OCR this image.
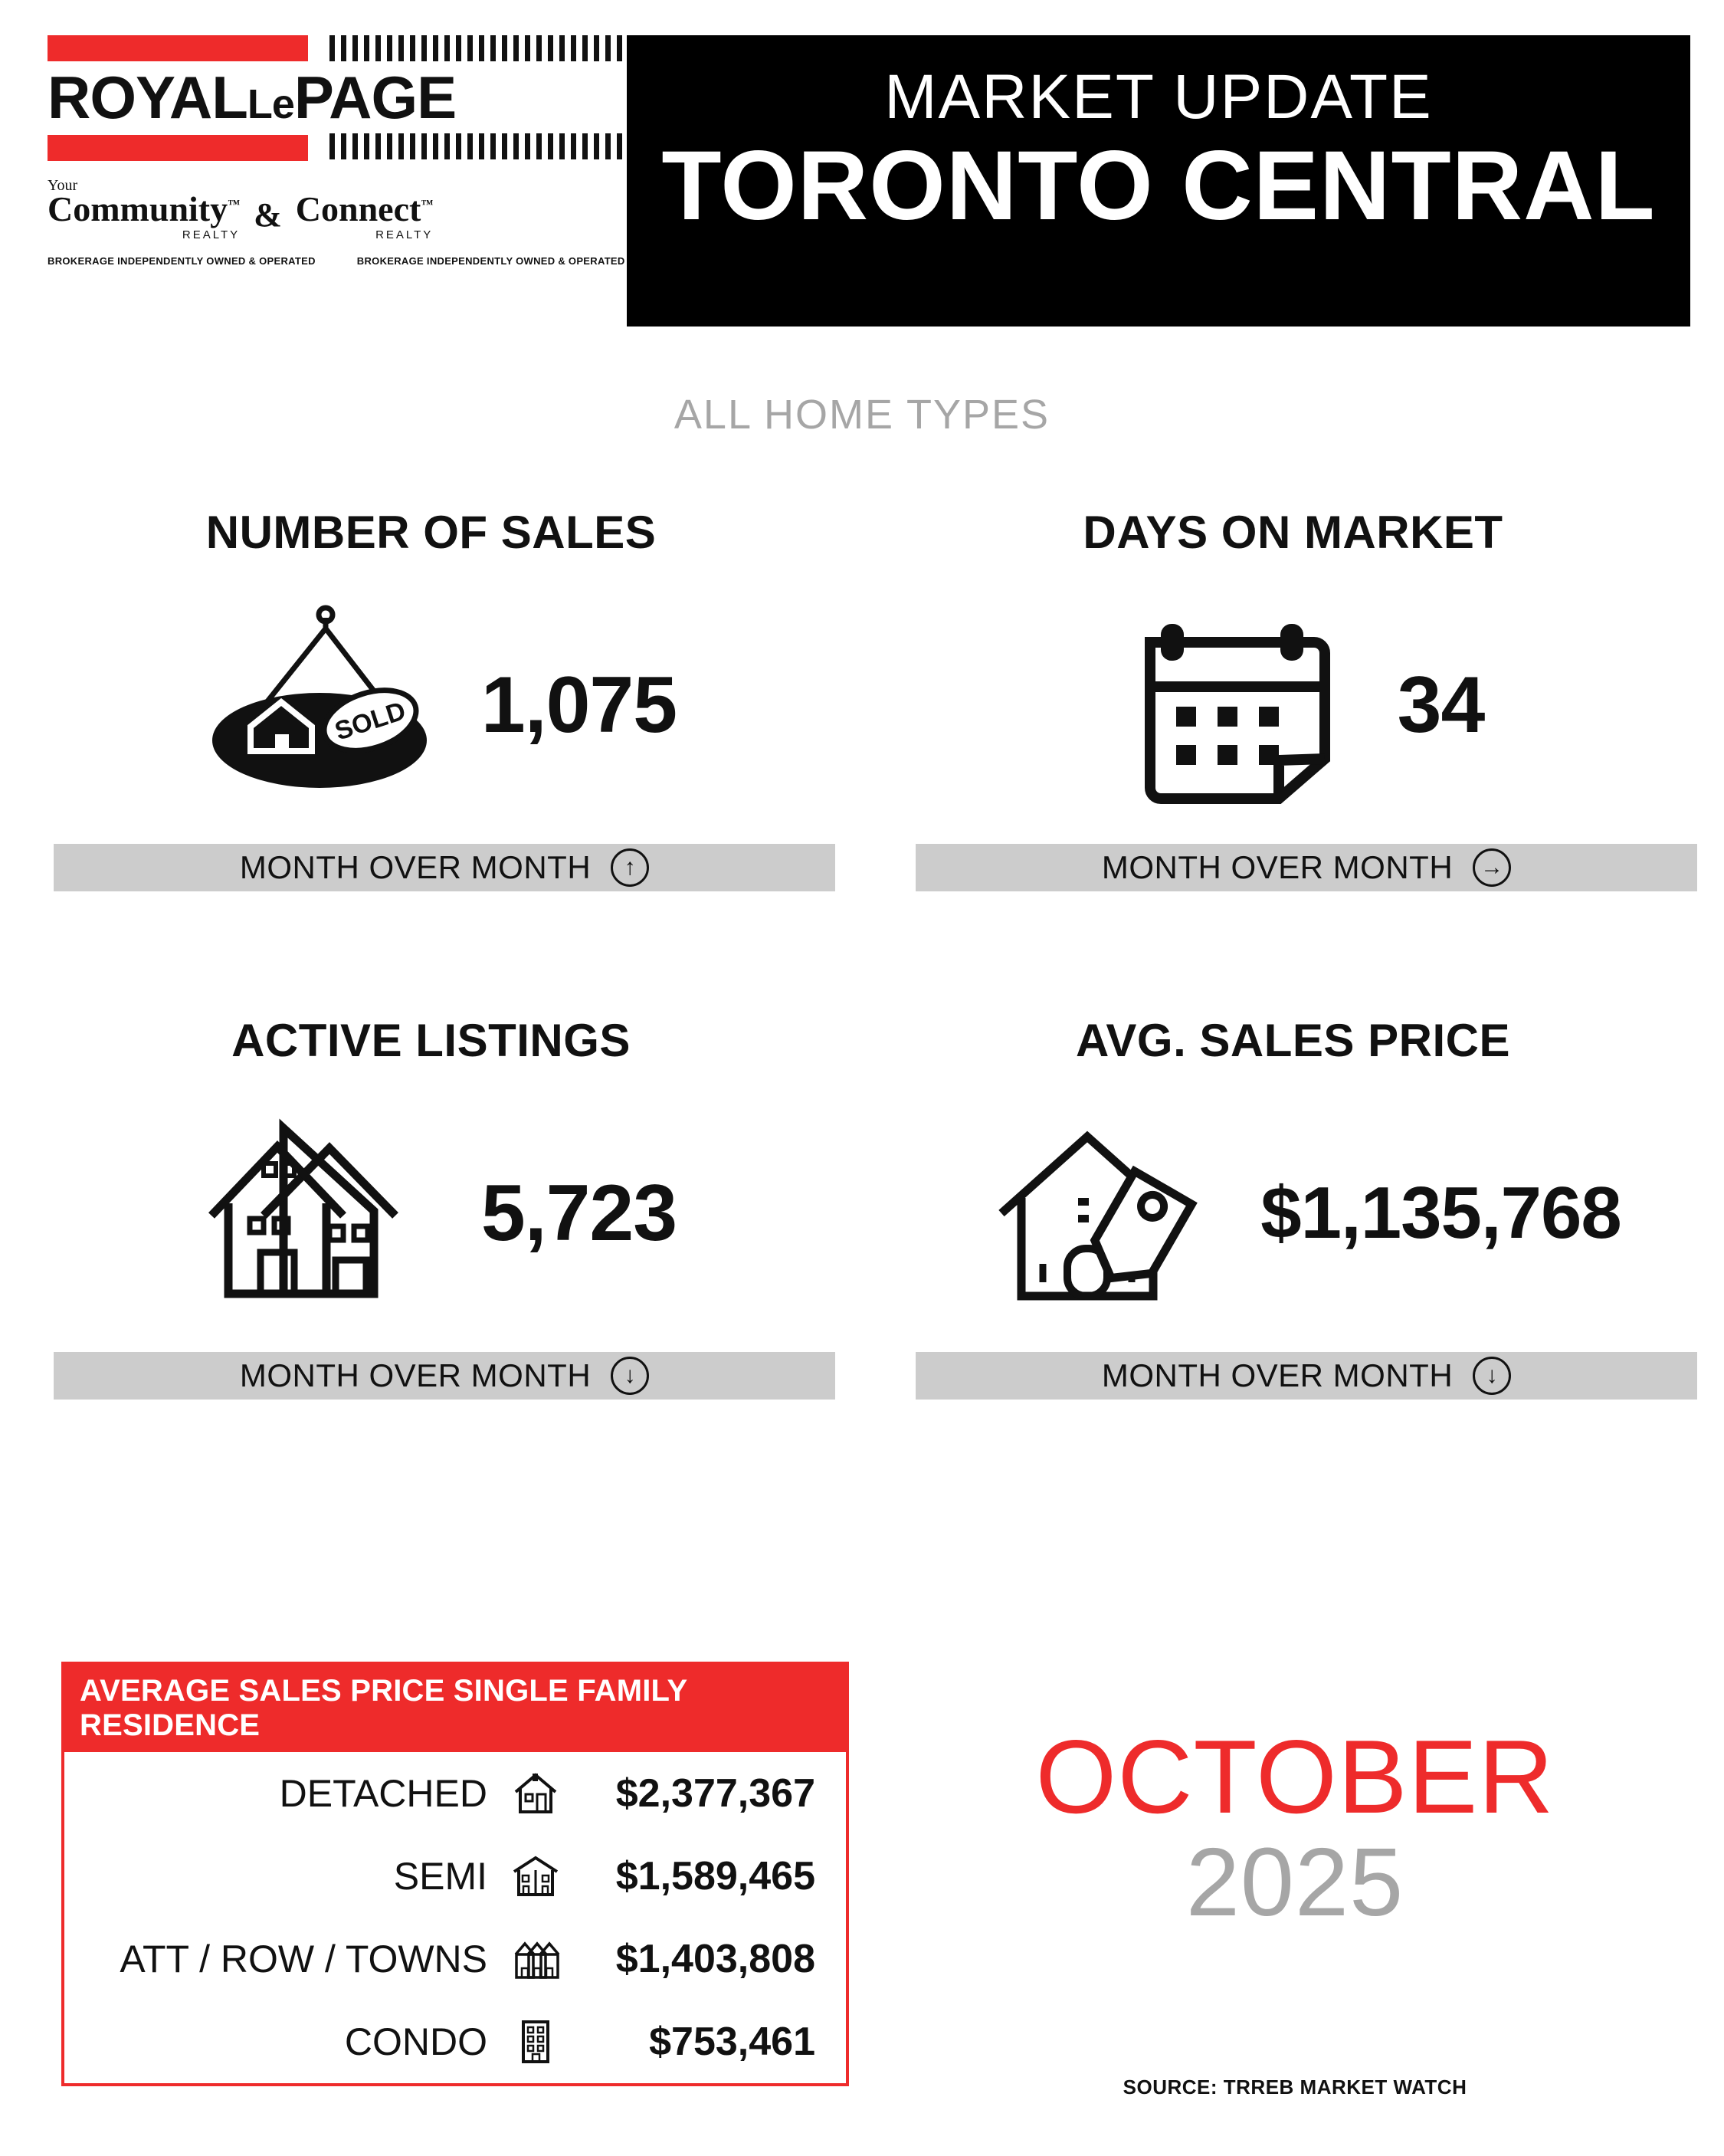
ROYALLePAGE
Your
Community™
REALTY
& Connect™
REALTY
BROKERAGE INDEPENDENTLY OWNED & OPERATED	BROKERAGE INDEPENDENTLY OWNED & OPERATED
MARKET UPDATE
TORONTO CENTRAL
ALL HOME TYPES
NUMBER OF SALES
SOLD 1,075
MONTH OVER MONTH	↑
DAYS ON MARKET
34
MONTH OVER MONTH	→
ACTIVE LISTINGS
5,723
MONTH OVER MONTH	↓
AVG. SALES PRICE
$1,135,768
MONTH OVER MONTH	↓
AVERAGE SALES PRICE SINGLE FAMILY RESIDENCE
DETACHED	$2,377,367
SEMI	$1,589,465
ATT / ROW / TOWNS	$1,403,808
CONDO	$753,461
OCTOBER
2025
SOURCE: TRREB MARKET WATCH
